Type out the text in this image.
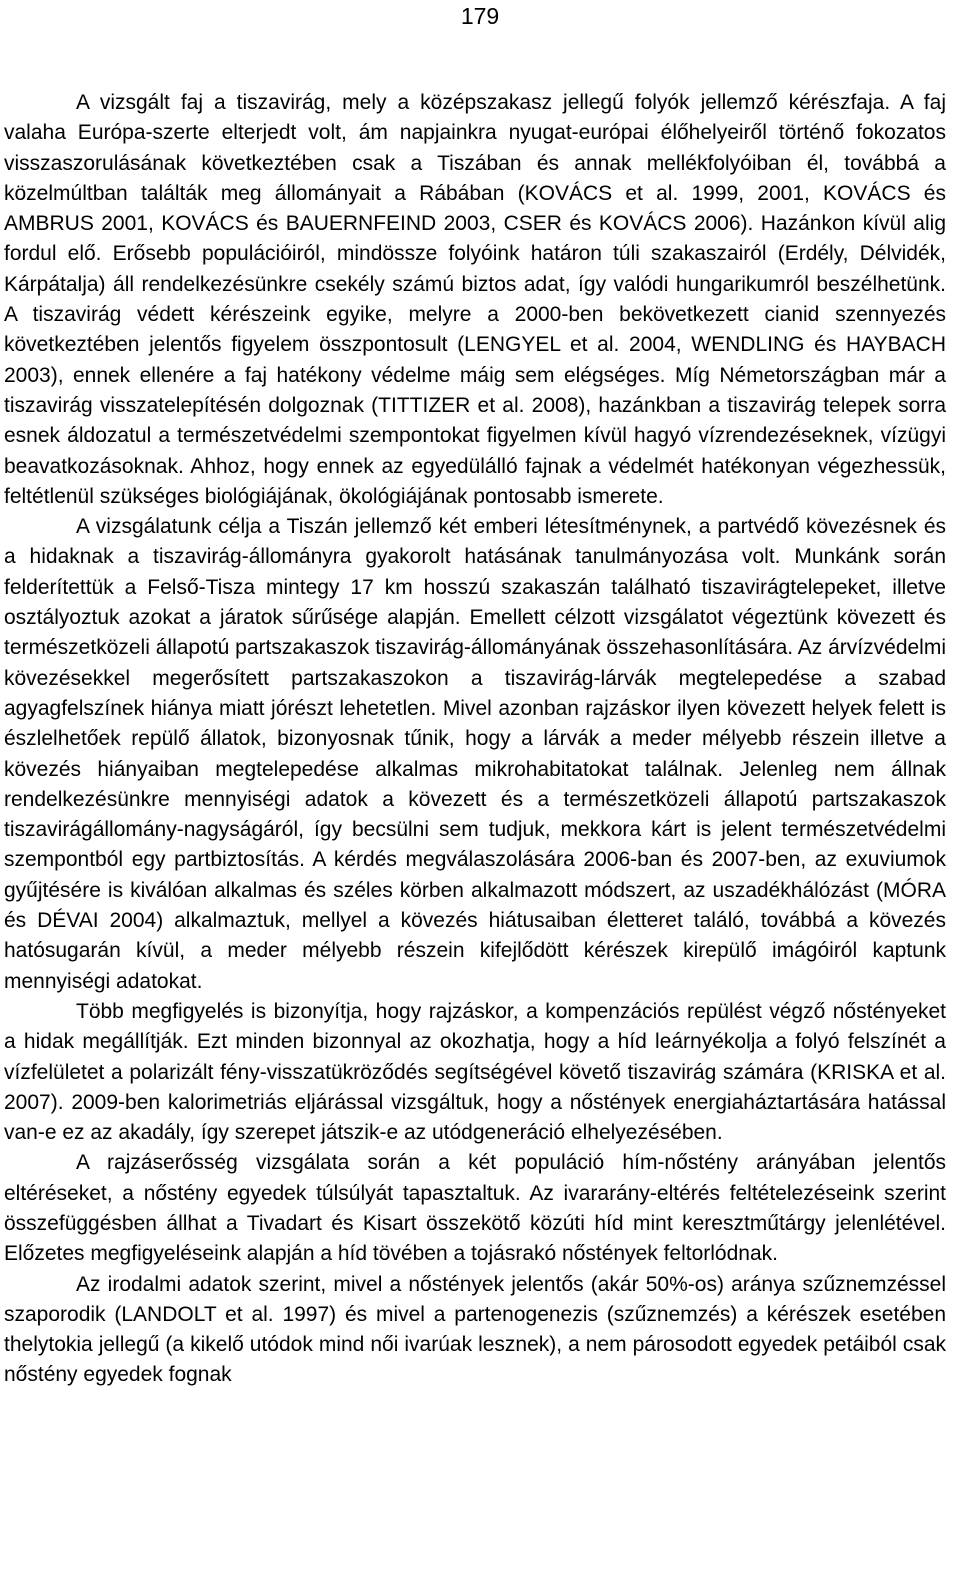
179

A vizsgált faj a tiszavirág, mely a középszakasz jellegű folyók jellemző kérészfaja. A faj valaha Európa-szerte elterjedt volt, ám napjainkra nyugat-európai élőhelyeiről történő fokozatos visszaszorulásának következtében csak a Tiszában és annak mellékfolyóiban él, továbbá a közelmúltban találták meg állományait a Rábában (KOVÁCS et al. 1999, 2001, KOVÁCS és AMBRUS 2001, KOVÁCS és BAUERNFEIND 2003, CSER és KOVÁCS 2006). Hazánkon kívül alig fordul elő. Erősebb populációiról, mindössze folyóink határon túli szakaszairól (Erdély, Délvidék, Kárpátalja) áll rendelkezésünkre csekély számú biztos adat, így valódi hungarikumról beszélhetünk. A tiszavirág védett kérészeink egyike, melyre a 2000-ben bekövetkezett cianid szennyezés következtében jelentős figyelem összpontosult (LENGYEL et al. 2004, WENDLING és HAYBACH 2003), ennek ellenére a faj hatékony védelme máig sem elégséges. Míg Németországban már a tiszavirág visszatelepítésén dolgoznak (TITTIZER et al. 2008), hazánkban a tiszavirág telepek sorra esnek áldozatul a természetvédelmi szempontokat figyelmen kívül hagyó vízrendezéseknek, vízügyi beavatkozásoknak. Ahhoz, hogy ennek az egyedülálló fajnak a védelmét hatékonyan végezhessük, feltétlenül szükséges biológiájának, ökológiájának pontosabb ismerete.

A vizsgálatunk célja a Tiszán jellemző két emberi létesítménynek, a partvédő kövezésnek és a hidaknak a tiszavirág-állományra gyakorolt hatásának tanulmányozása volt. Munkánk során felderítettük a Felső-Tisza mintegy 17 km hosszú szakaszán található tiszavirágtelepeket, illetve osztályoztuk azokat a járatok sűrűsége alapján. Emellett célzott vizsgálatot végeztünk kövezett és természetközeli állapotú partszakaszok tiszavirág-állományának összehasonlítására. Az árvízvédelmi kövezésekkel megerősített partszakaszokon a tiszavirág-lárvák megtelepedése a szabad agyagfelszínek hiánya miatt jórészt lehetetlen. Mivel azonban rajzáskor ilyen kövezett helyek felett is észlelhetőek repülő állatok, bizonyosnak tűnik, hogy a lárvák a meder mélyebb részein illetve a kövezés hiányaiban megtelepedése alkalmas mikrohabitatokat találnak. Jelenleg nem állnak rendelkezésünkre mennyiségi adatok a kövezett és a természetközeli állapotú partszakaszok tiszavirágállomány-nagyságáról, így becsülni sem tudjuk, mekkora kárt is jelent természetvédelmi szempontból egy partbiztosítás. A kérdés megválaszolására 2006-ban és 2007-ben, az exuviumok gyűjtésére is kiválóan alkalmas és széles körben alkalmazott módszert, az uszadékhálózást (MÓRA és DÉVAI 2004) alkalmaztuk, mellyel a kövezés hiátusaiban életteret találó, továbbá a kövezés hatósugarán kívül, a meder mélyebb részein kifejlődött kérészek kirepülő imágóiról kaptunk mennyiségi adatokat.

Több megfigyelés is bizonyítja, hogy rajzáskor, a kompenzációs repülést végző nőstényeket a hidak megállítják. Ezt minden bizonnyal az okozhatja, hogy a híd leárnyékolja a folyó felszínét a vízfelületet a polarizált fény-visszatükröződés segítségével követő tiszavirág számára (KRISKA et al. 2007). 2009-ben kalorimetriás eljárással vizsgáltuk, hogy a nőstények energiaháztartására hatással van-e ez az akadály, így szerepet játszik-e az utódgeneráció elhelyezésében.

A rajzáserősség vizsgálata során a két populáció hím-nőstény arányában jelentős eltéréseket, a nőstény egyedek túlsúlyát tapasztaltuk. Az ivararány-eltérés feltételezéseink szerint összefüggésben állhat a Tivadart és Kisart összekötő közúti híd mint keresztműtárgy jelenlétével. Előzetes megfigyeléseink alapján a híd tövében a tojásrakó nőstények feltorlódnak.

Az irodalmi adatok szerint, mivel a nőstények jelentős (akár 50%-os) aránya szűznemzéssel szaporodik (LANDOLT et al. 1997) és mivel a partenogenezis (szűznemzés) a kérészek esetében thelytokia jellegű (a kikelő utódok mind női ivarúak lesznek), a nem párosodott egyedek petáiból csak nőstény egyedek fognak
